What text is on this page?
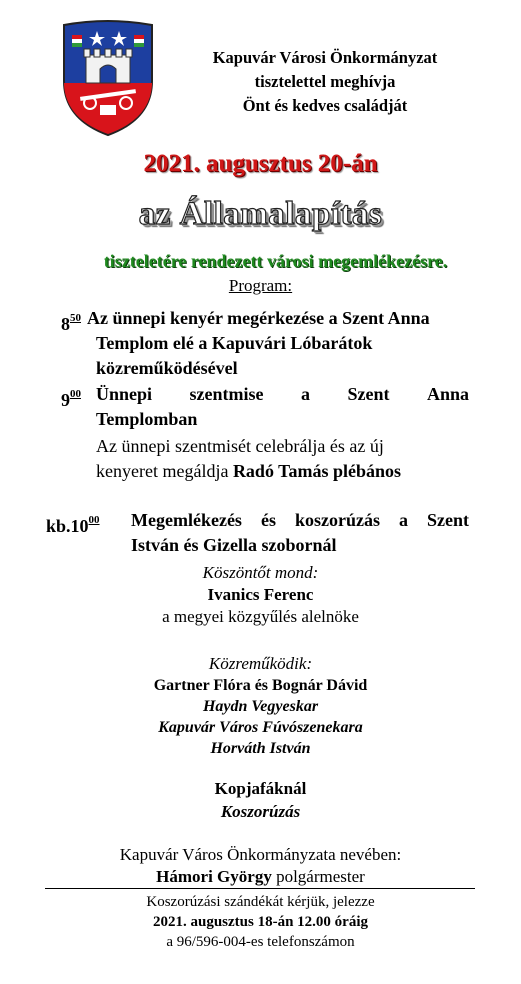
Kapuvár Városi Önkormányzat
tisztelettel meghívja
Önt és kedves családját
2021. augusztus 20-án
az Államalapítás
tiszteletére rendezett városi megemlékezésre.
Program:
$8^{50}$ Az ünnepi kenyér megérkezése a Szent Anna
Templom elé a Kapuvári Lóbarátok
közreműködésével
$9^{00}$ Ünnepi szentmise a Szent Anna
Templomban
Az ünnepi szentmisét celebrálja és az új
kenyeret megáldja Radó Tamás plébános
$kb.10^{00}$ Megemlékezés és koszorúzás a Szent
István és Gizella szobornál
Köszöntőt mond:
Ivanics Ferenc
a megyei közgyűlés alelnöke
Közreműködik:
Gartner Flóra és Bognár Dávid
Haydn Vegyeskar
Kapuvár Város Fúvószenekara
Horváth István
Kopjafáknál
Koszorúzás
Kapuvár Város Önkormányzata nevében:
Hámori György polgármester
Koszorúzási szándékát kérjük, jelezze
2021. augusztus 18-án 12.00 óráig
a 96/596-004-es telefonszámon
